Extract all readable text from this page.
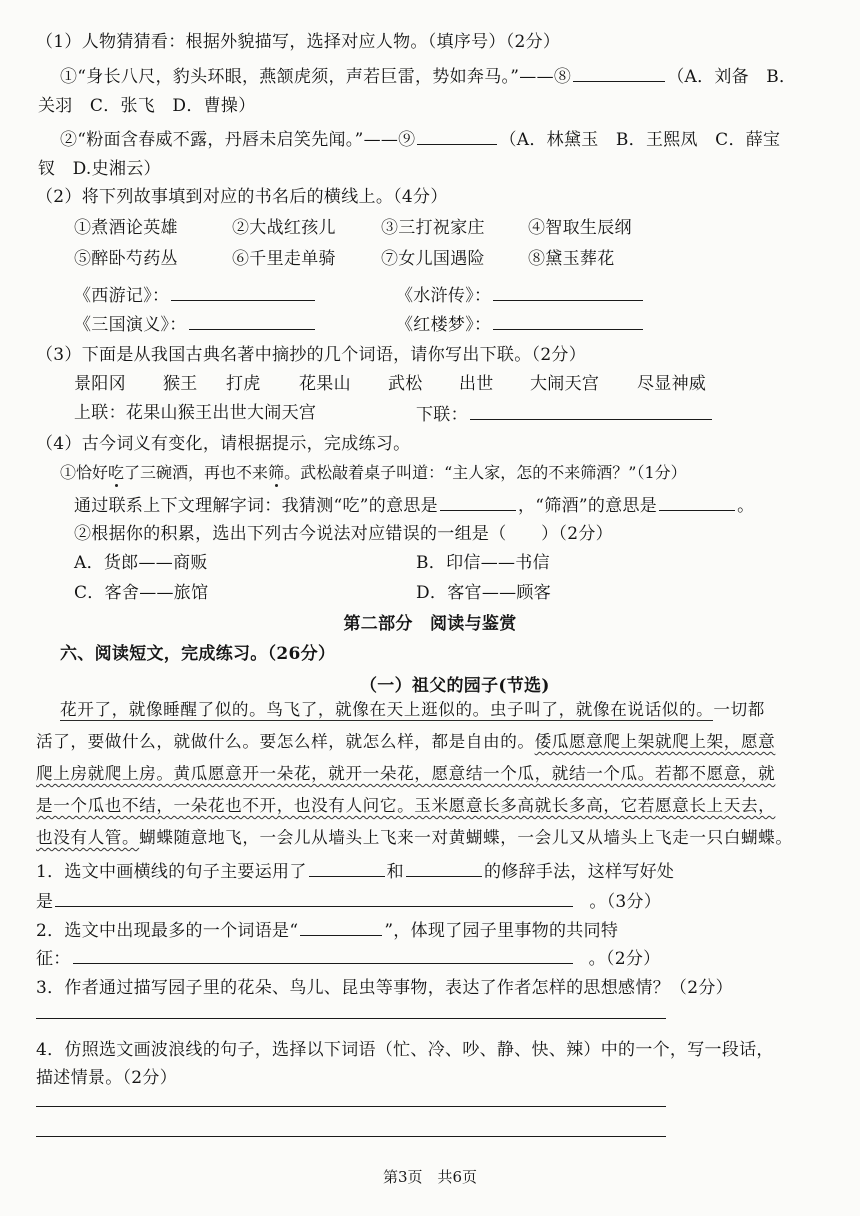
（1）人物猜猜看：根据外貌描写，选择对应人物。（填序号）（2分）
①“身长八尺，豹头环眼，燕颔虎须，声若巨雷，势如奔马。”——⑧	（A．刘备　B．
关羽　C．张飞　D．曹操）
②“粉面含春威不露，丹唇未启笑先闻。”——⑨	（A．林黛玉　B．王熙凤　C．薛宝
钗　D.史湘云）
（2）将下列故事填到对应的书名后的横线上。（4分）
①煮酒论英雄	②大战红孩儿	③三打祝家庄	④智取生辰纲
⑤醉卧芍药丛	⑥千里走单骑	⑦女儿国遇险	⑧黛玉葬花
《西游记》：	《水浒传》：
《三国演义》：	《红楼梦》：
（3）下面是从我国古典名著中摘抄的几个词语，请你写出下联。（2分）
景阳冈 猴王 打虎 花果山 武松 出世 大闹天宫 尽显神威
上联：花果山猴王出世大闹天宫	下联：
（4）古今词义有变化，请根据提示，完成练习。
①恰好吃了三碗酒，再也不来筛。武松敲着桌子叫道：“主人家，怎的不来筛酒？”（1分）
通过联系上下文理解字词：我猜测“吃”的意思是	，“筛酒”的意思是	。
②根据你的积累，选出下列古今说法对应错误的一组是（　　）（2分）
A．货郎——商贩	B．印信——书信
C．客舍——旅馆	D．客官——顾客
第二部分　阅读与鉴赏
六、阅读短文，完成练习。（26分）
（一）祖父的园子(节选)
花开了，就像睡醒了似的。鸟飞了，就像在天上逛似的。虫子叫了，就像在说话似的。一切都
活了，要做什么，就做什么。要怎么样，就怎么样，都是自由的。倭瓜愿意爬上架就爬上架，愿意
爬上房就爬上房。黄瓜愿意开一朵花，就开一朵花，愿意结一个瓜，就结一个瓜。若都不愿意，就
是一个瓜也不结，一朵花也不开，也没有人问它。玉米愿意长多高就长多高，它若愿意长上天去，
也没有人管。蝴蝶随意地飞，一会儿从墙头上飞来一对黄蝴蝶，一会儿又从墙头上飞走一只白蝴蝶。
1．选文中画横线的句子主要运用了	和	的修辞手法，这样写好处
是	。（3分）
2．选文中出现最多的一个词语是“	”，体现了园子里事物的共同特
征：	。（2分）
3．作者通过描写园子里的花朵、鸟儿、昆虫等事物，表达了作者怎样的思想感情？（2分）
4．仿照选文画波浪线的句子，选择以下词语（忙、冷、吵、静、快、辣）中的一个，写一段话，
描述情景。（2分）
第3页　共6页
